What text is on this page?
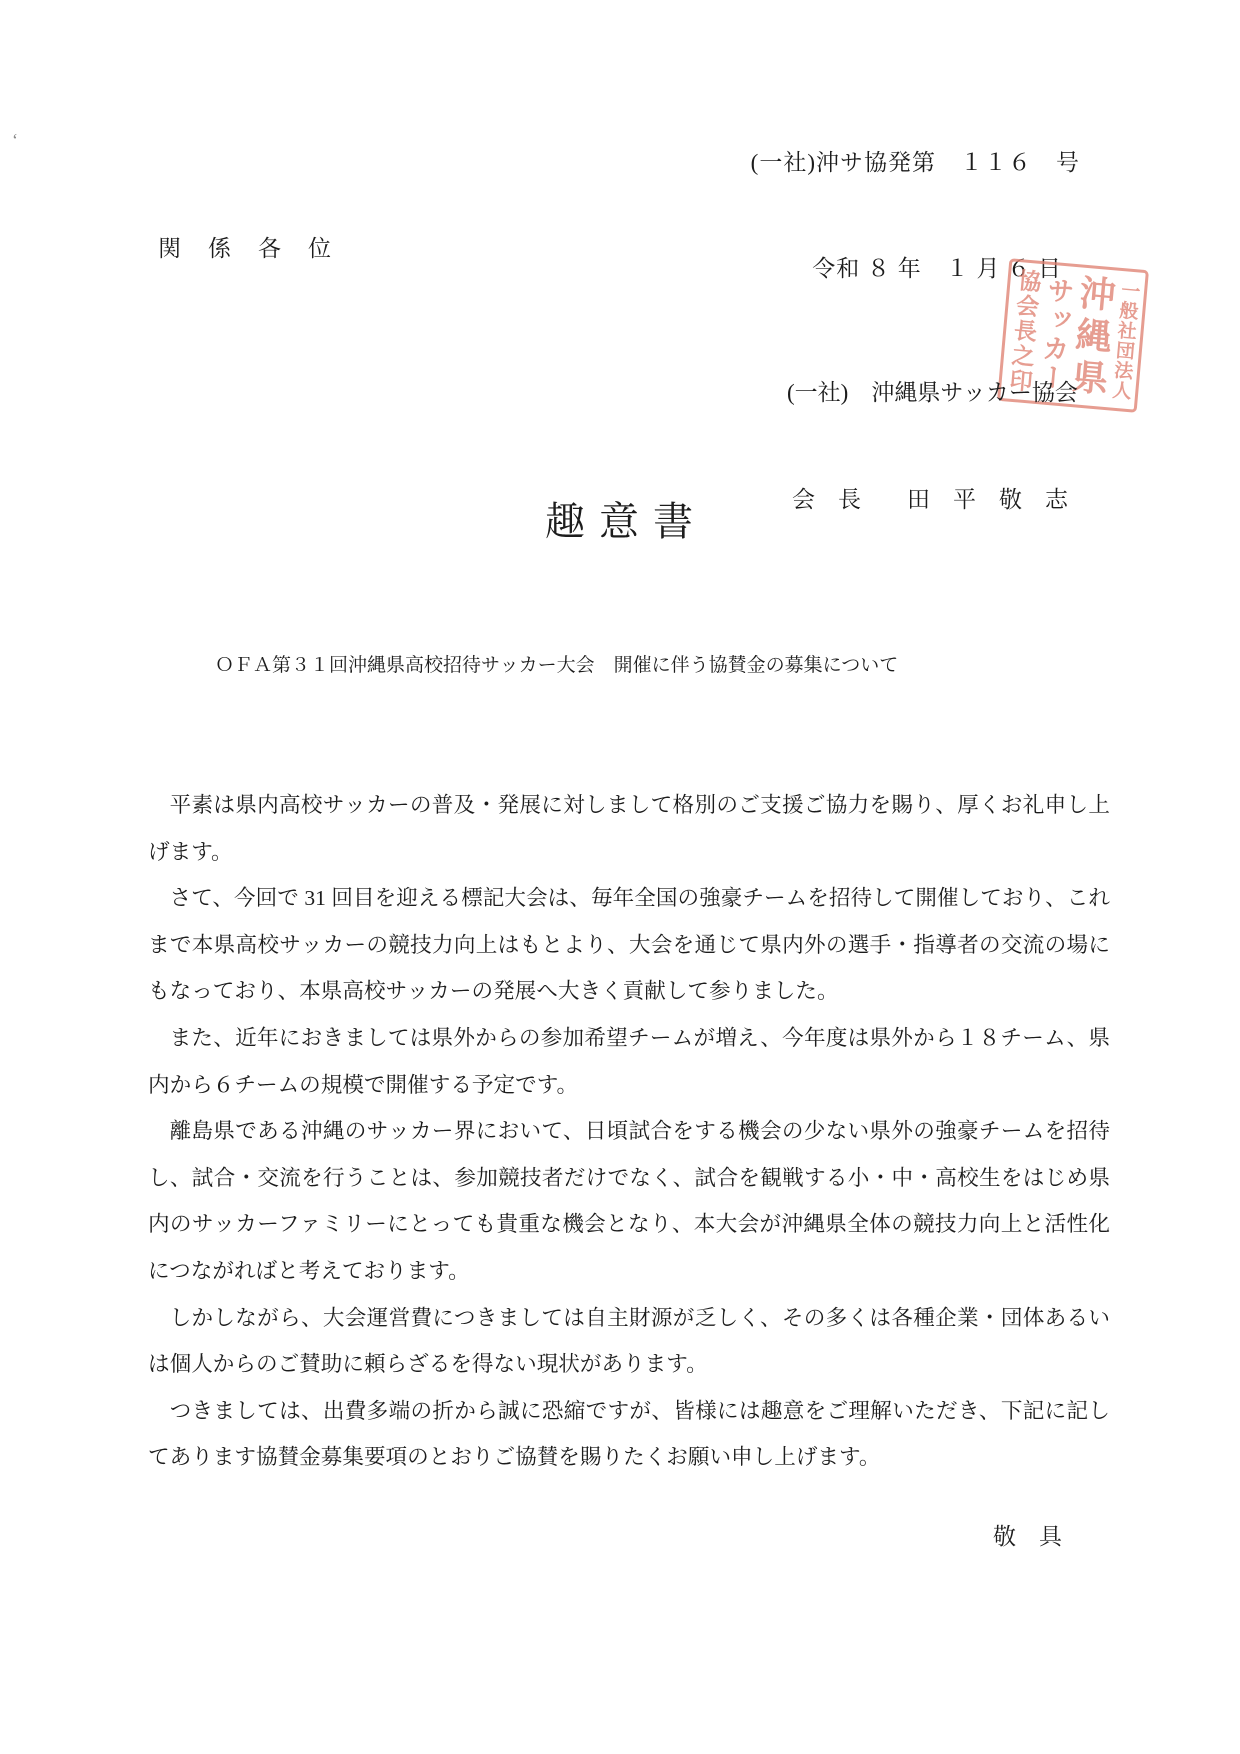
‘

(一社)沖サ協発第　１１６　号

令和 ８ 年　１ 月 ６ 日

関　係　各　位

(一社)　沖縄県サッカー協会

会　長　　田　平　敬　志

協会長之印
サッカー
沖縄県
一般社団法人
趣 意 書
ＯＦＡ第３１回沖縄県高校招待サッカー大会　開催に伴う協賛金の募集について

平素は県内高校サッカーの普及・発展に対しまして格別のご支援ご協力を賜り、厚くお礼申し上げます。

さて、今回で 31 回目を迎える標記大会は、毎年全国の強豪チームを招待して開催しており、これまで本県高校サッカーの競技力向上はもとより、大会を通じて県内外の選手・指導者の交流の場にもなっており、本県高校サッカーの発展へ大きく貢献して参りました。

また、近年におきましては県外からの参加希望チームが増え、今年度は県外から１８チーム、県内から６チームの規模で開催する予定です。

離島県である沖縄のサッカー界において、日頃試合をする機会の少ない県外の強豪チームを招待し、試合・交流を行うことは、参加競技者だけでなく、試合を観戦する小・中・高校生をはじめ県内のサッカーファミリーにとっても貴重な機会となり、本大会が沖縄県全体の競技力向上と活性化につながればと考えております。

しかしながら、大会運営費につきましては自主財源が乏しく、その多くは各種企業・団体あるいは個人からのご賛助に頼らざるを得ない現状があります。

つきましては、出費多端の折から誠に恐縮ですが、皆様には趣意をご理解いただき、下記に記してあります協賛金募集要項のとおりご協賛を賜りたくお願い申し上げます。

敬　具
